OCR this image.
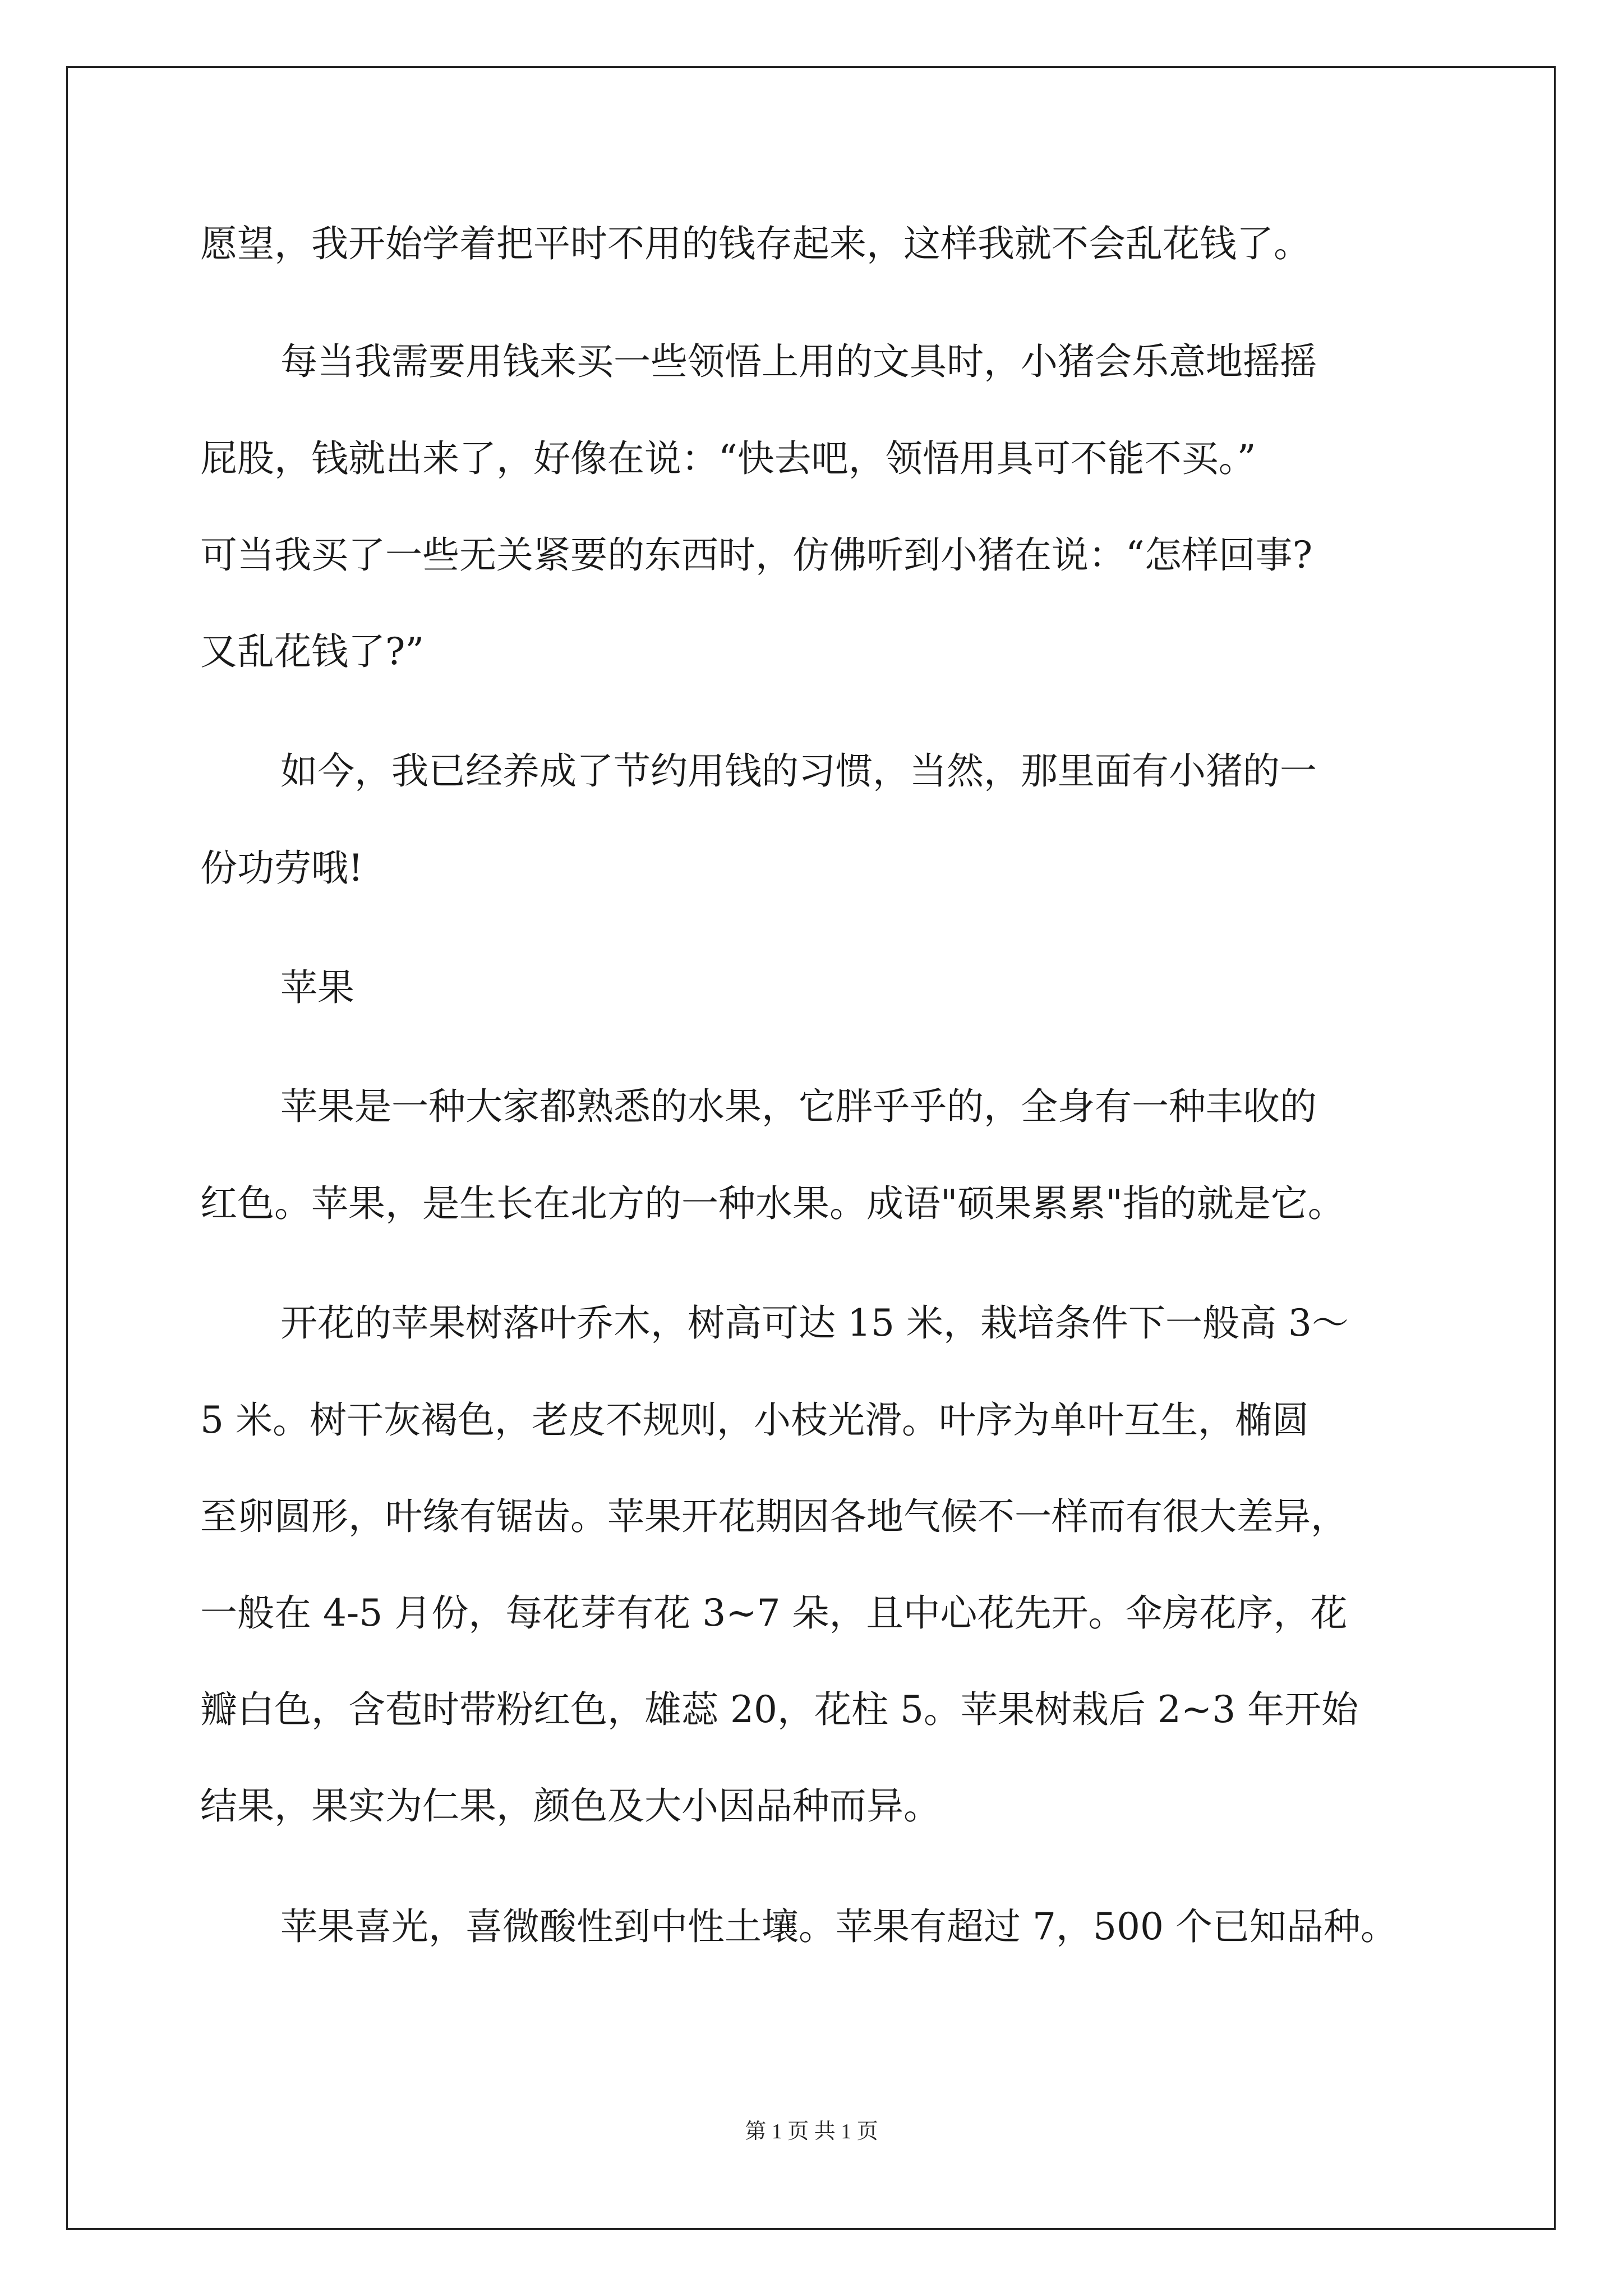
愿望，我开始学着把平时不用的钱存起来，这样我就不会乱花钱了。
每当我需要用钱来买一些领悟上用的文具时，小猪会乐意地摇摇
屁股，钱就出来了，好像在说：“快去吧，领悟用具可不能不买。”
可当我买了一些无关紧要的东西时，仿佛听到小猪在说：“怎样回事?
又乱花钱了?”
如今，我已经养成了节约用钱的习惯，当然，那里面有小猪的一
份功劳哦!
苹果
苹果是一种大家都熟悉的水果，它胖乎乎的，全身有一种丰收的
红色。苹果，是生长在北方的一种水果。成语"硕果累累"指的就是它。
开花的苹果树落叶乔木，树高可达 15 米，栽培条件下一般高 3～
5 米。树干灰褐色，老皮不规则，小枝光滑。叶序为单叶互生，椭圆
至卵圆形，叶缘有锯齿。苹果开花期因各地气候不一样而有很大差异，
一般在 4-5 月份，每花芽有花 3~7 朵，且中心花先开。伞房花序，花
瓣白色，含苞时带粉红色，雄蕊 20，花柱 5。苹果树栽后 2~3 年开始
结果，果实为仁果，颜色及大小因品种而异。
苹果喜光，喜微酸性到中性土壤。苹果有超过 7，500 个已知品种。
第 1 页 共 1 页
